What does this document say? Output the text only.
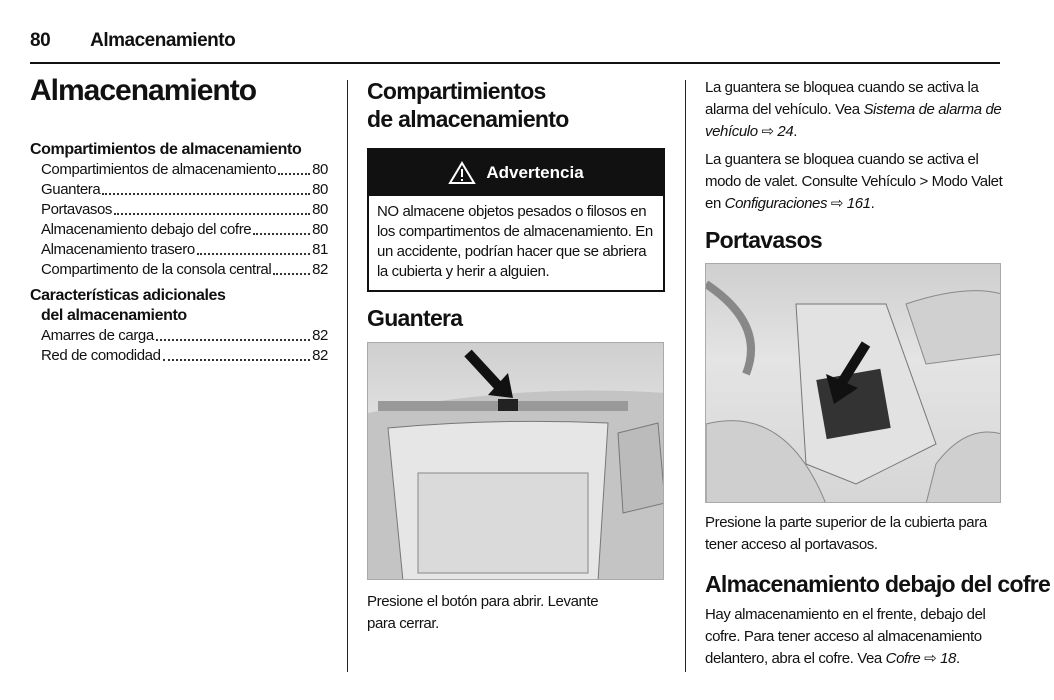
80 Almacenamiento
Almacenamiento
Compartimientos de almacenamiento
Compartimientos de almacenamiento 80
Guantera	80
Portavasos	80
Almacenamiento debajo del cofre	80
Almacenamiento trasero	81
Compartimento de la consola central	82
Características adicionales
del almacenamiento
Amarres de carga	82
Red de comodidad	82
Compartimientos
de almacenamiento
Advertencia
NO almacene objetos pesados o filosos en los compartimentos de almacenamiento. En un accidente, podrían hacer que se abriera la cubierta y herir a alguien.
Guantera
Presione el botón para abrir. Levante para cerrar.

La guantera se bloquea cuando se activa la alarma del vehículo. Vea Sistema de alarma de vehículo ⇨ 24.

La guantera se bloquea cuando se activa el modo de valet. Consulte Vehículo > Modo Valet en Configuraciones ⇨ 161.

Portavasos
Presione la parte superior de la cubierta para tener acceso al portavasos.
Almacenamiento debajo del cofre
Hay almacenamiento en el frente, debajo del cofre. Para tener acceso al almacenamiento delantero, abra el cofre. Vea Cofre ⇨ 18.
